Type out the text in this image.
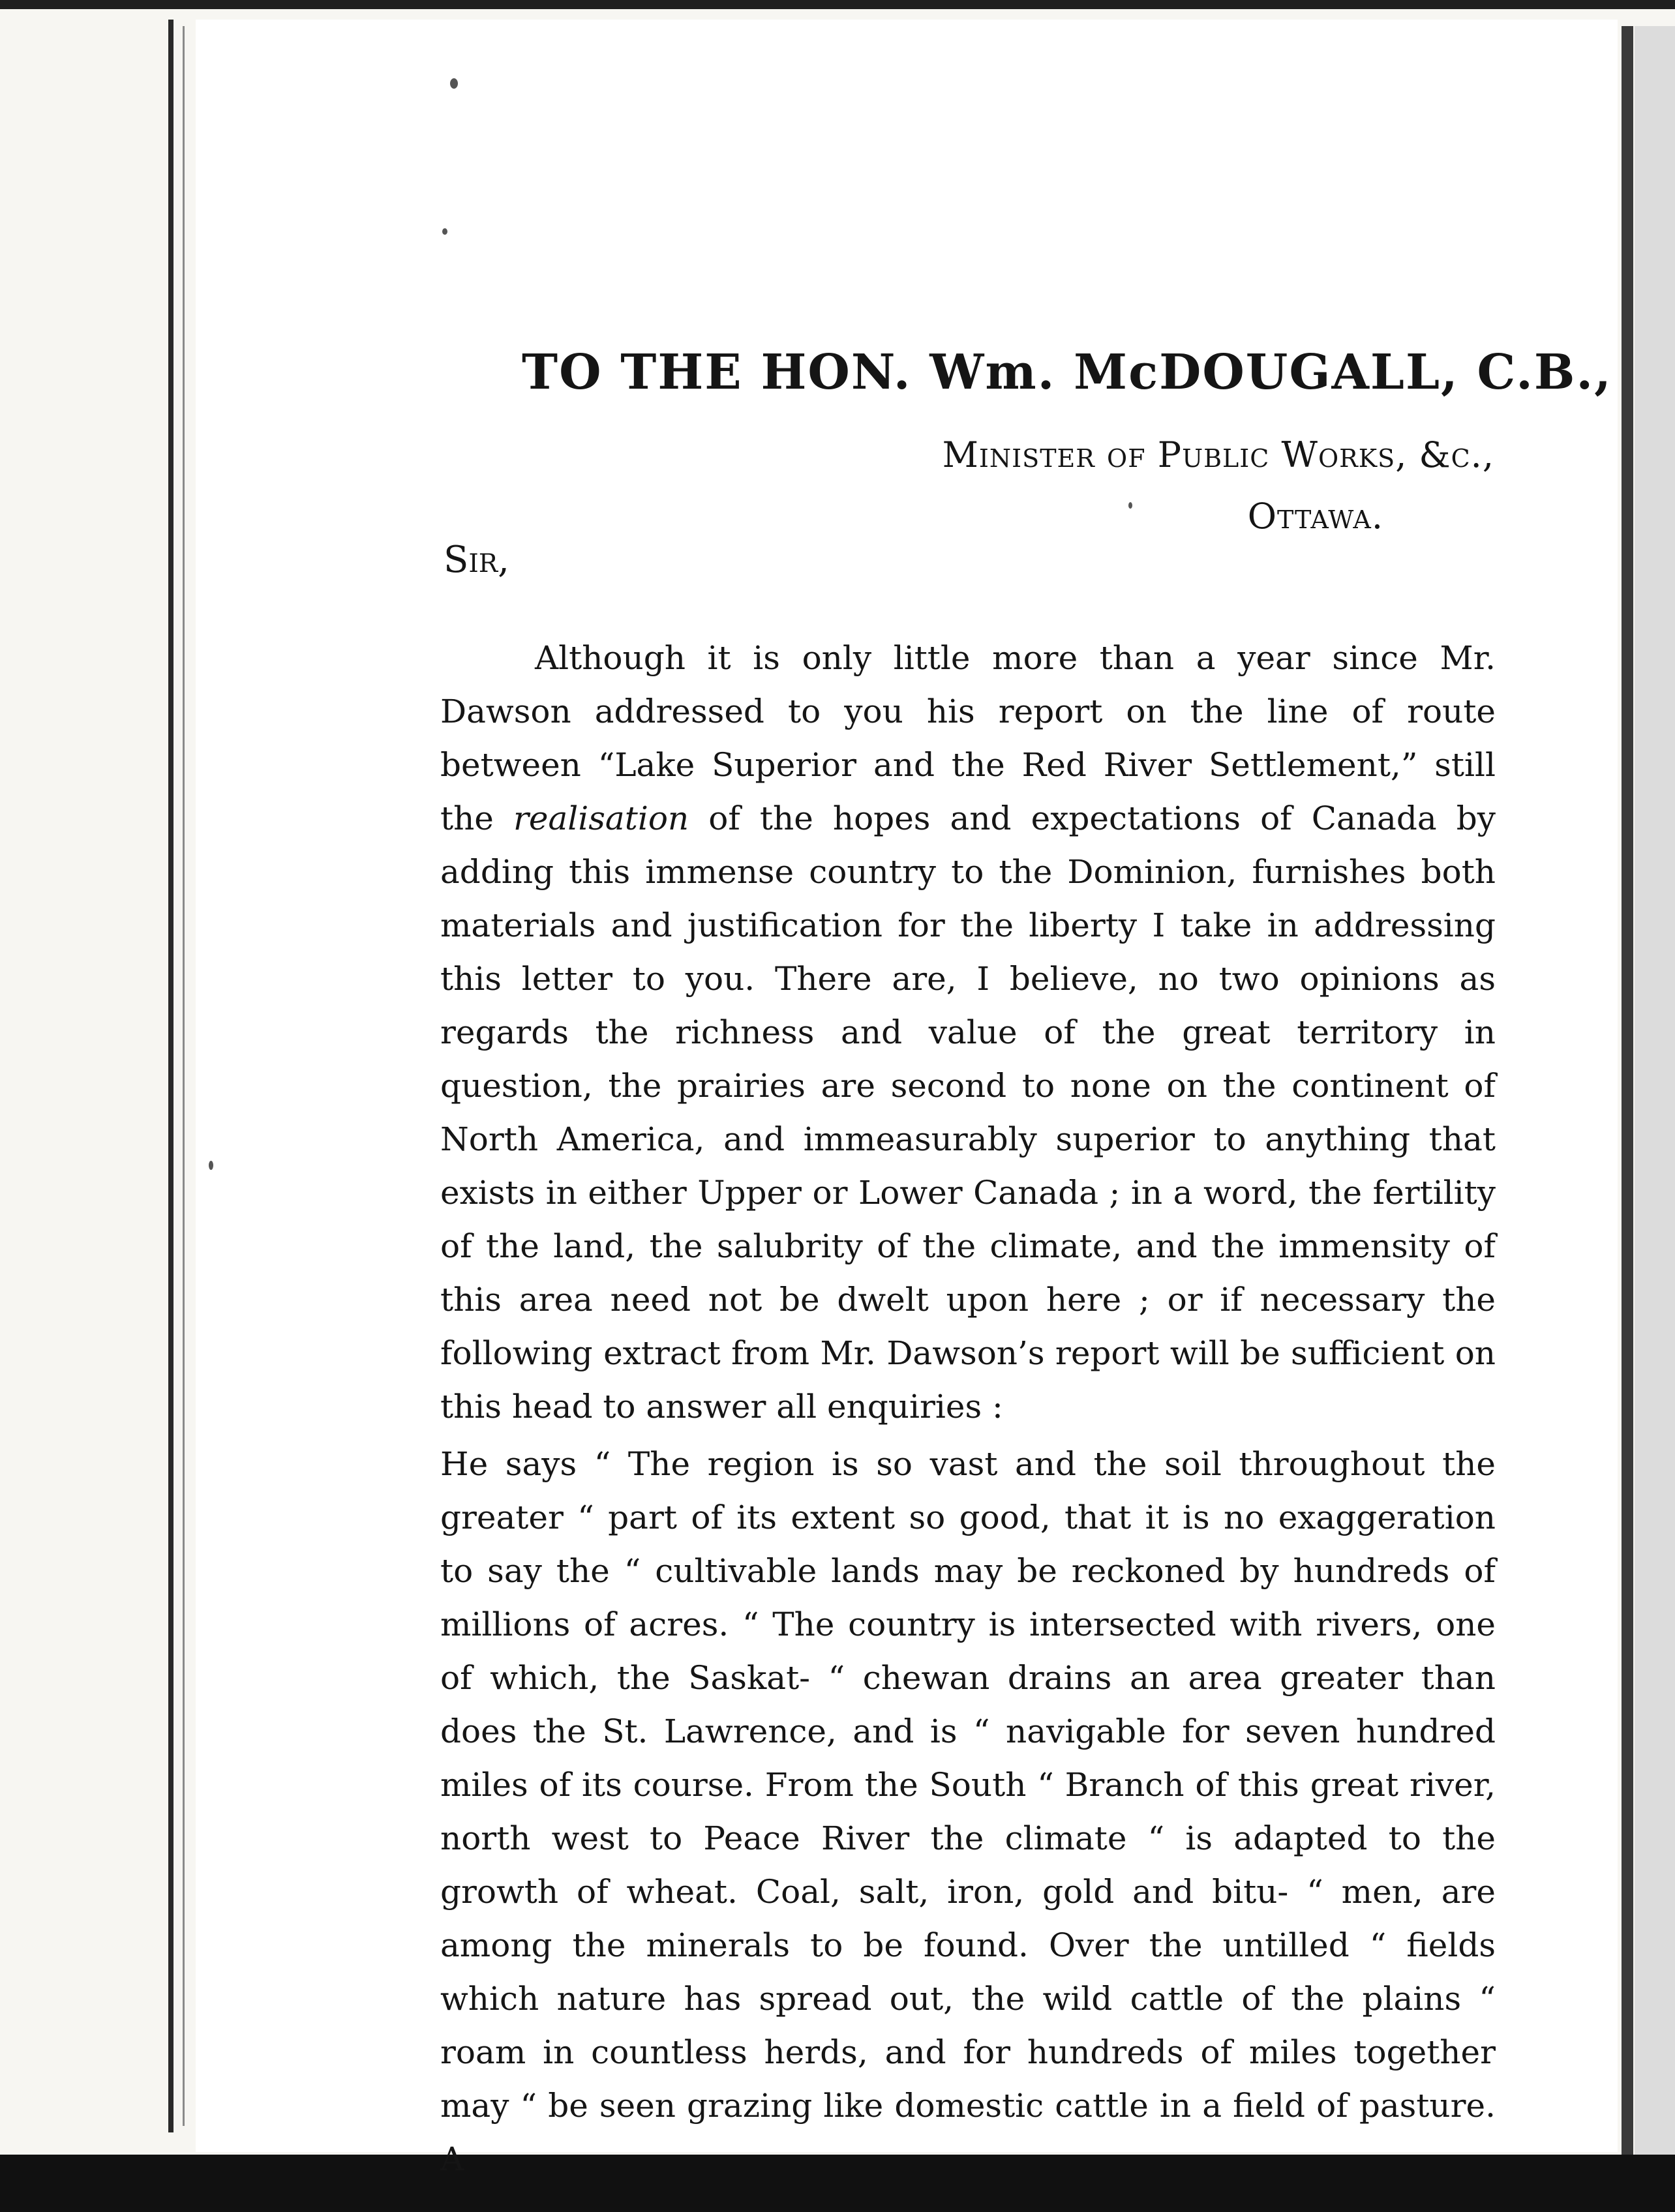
TO THE HON. Wm. McDOUGALL, C.B.,
Minister of Public Works, &c.,
Ottawa.
Sir,

Although it is only little more than a year since Mr. Dawson addressed to you his report on the line of route between “Lake Superior and the Red River Settlement,” still the realisation of the hopes and expectations of Canada by adding this immense country to the Dominion, furnishes both materials and justification for the liberty I take in addressing this letter to you. There are, I believe, no two opinions as regards the richness and value of the great territory in question, the prairies are second to none on the continent of North America, and immeasurably superior to anything that exists in either Upper or Lower Canada ; in a word, the fertility of the land, the salubrity of the climate, and the immensity of this area need not be dwelt upon here ; or if necessary the following extract from Mr. Dawson’s report will be sufficient on this head to answer all enquiries :

He says “ The region is so vast and the soil throughout the greater “ part of its extent so good, that it is no exaggeration to say the “ cultivable lands may be reckoned by hundreds of millions of acres. “ The country is intersected with rivers, one of which, the Saskat- “ chewan drains an area greater than does the St. Lawrence, and is “ navigable for seven hundred miles of its course. From the South “ Branch of this great river, north west to Peace River the climate “ is adapted to the growth of wheat. Coal, salt, iron, gold and bitu- “ men, are among the minerals to be found. Over the untilled “ fields which nature has spread out, the wild cattle of the plains “ roam in countless herds, and for hundreds of miles together may “ be seen grazing like domestic cattle in a field of pasture. A
